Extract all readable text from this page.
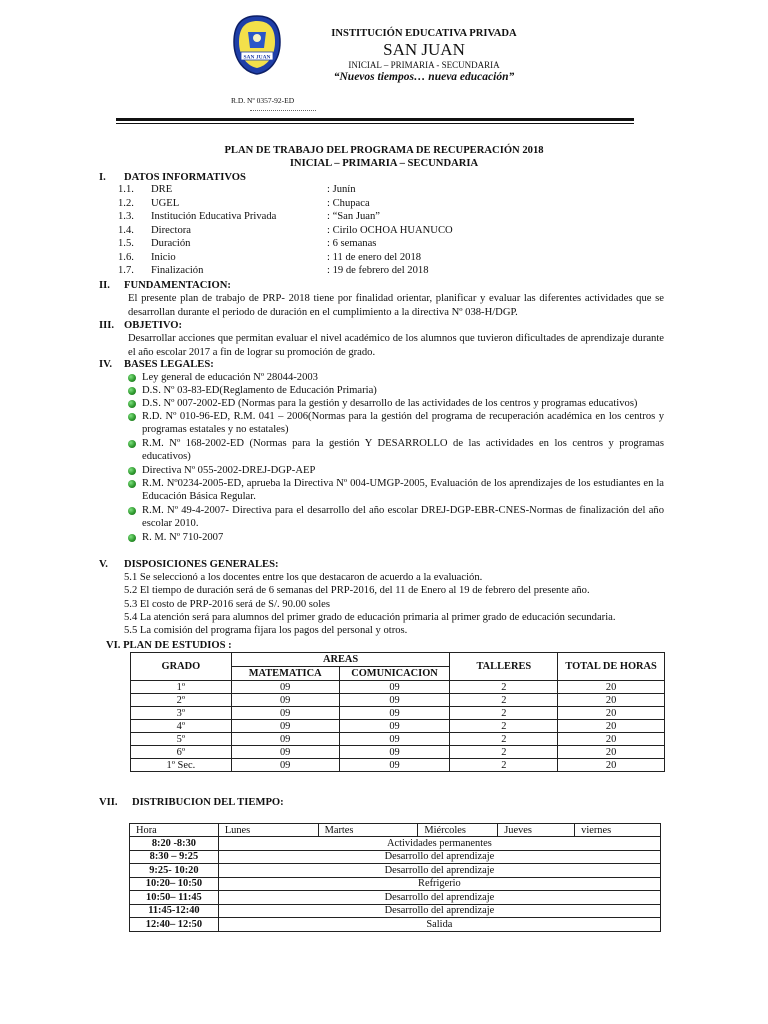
SAN JUAN
INSTITUCIÓN EDUCATIVA PRIVADA
SAN JUAN
INICIAL – PRIMARIA - SECUNDARIA
“Nuevos tiempos… nueva educación”
R.D. Nº 0357-92-ED
PLAN DE TRABAJO DEL PROGRAMA DE RECUPERACIÓN 2018
INICIAL – PRIMARIA – SECUNDARIA
I. DATOS INFORMATIVOS
1.1. DRE	: Junín
1.2. UGEL	: Chupaca
1.3. Institución Educativa Privada	: “San Juan”
1.4. Directora	: Cirilo OCHOA HUANUCO
1.5. Duración	: 6 semanas
1.6. Inicio	: 11 de enero del 2018
1.7. Finalización	: 19 de febrero del 2018
II. FUNDAMENTACION:
El presente plan de trabajo de PRP- 2018 tiene por finalidad orientar, planificar y evaluar las diferentes actividades que se desarrollan durante el periodo de duración en el cumplimiento a la directiva Nº 038-H/DGP.
III. OBJETIVO:
Desarrollar acciones que permitan evaluar el nivel académico de los alumnos que tuvieron dificultades de aprendizaje durante el año escolar 2017 a fin de lograr su promoción de grado.
IV. BASES LEGALES:
Ley general de educación Nº 28044-2003
D.S. Nº 03-83-ED(Reglamento de Educación Primaria)
D.S. Nº 007-2002-ED (Normas para la gestión y desarrollo de las actividades de los centros y programas educativos)
R.D. Nº 010-96-ED, R.M. 041 – 2006(Normas para la gestión del programa de recuperación académica en los centros y programas estatales y no estatales)
R.M. Nº 168-2002-ED (Normas para la gestión Y DESARROLLO de las actividades en los centros y programas educativos)
Directiva Nº 055-2002-DREJ-DGP-AEP
R.M. Nº0234-2005-ED, aprueba la Directiva Nº 004-UMGP-2005, Evaluación de los aprendizajes de los estudiantes en la Educación Básica Regular.
R.M. Nº 49-4-2007- Directiva para el desarrollo del año escolar DREJ-DGP-EBR-CNES-Normas de finalización del año escolar 2010.
R. M. Nº 710-2007
V. DISPOSICIONES GENERALES:
5.1 Se seleccionó a los docentes entre los que destacaron de acuerdo a la evaluación.
5.2 El tiempo de duración será de 6 semanas del PRP-2016, del 11 de Enero al 19 de febrero del presente año.
5.3 El costo de PRP-2016 será de S/. 90.00 soles
5.4 La atención será para alumnos del primer grado de educación primaria al primer grado de educación secundaria.
5.5 La comisión del programa fijara los pagos del personal y otros.
VI. PLAN DE ESTUDIOS :
GRADO	AREAS		TALLERES	TOTAL DE HORAS
	MATEMATICA	COMUNICACION		
1º	09	09	2	20
2º	09	09	2	20
3º	09	09	2	20
4º	09	09	2	20
5º	09	09	2	20
6º	09	09	2	20
1º Sec.	09	09	2	20
VII. DISTRIBUCION DEL TIEMPO:
Hora	Lunes	Martes	Miércoles	Jueves	viernes
8:20 -8:30	Actividades permanentes				
8:30 – 9:25	Desarrollo del aprendizaje				
9:25- 10:20	Desarrollo del aprendizaje				
10:20– 10:50	Refrigerio				
10:50– 11:45	Desarrollo del aprendizaje				
11:45-12:40	Desarrollo del aprendizaje				
12:40– 12:50	Salida				
